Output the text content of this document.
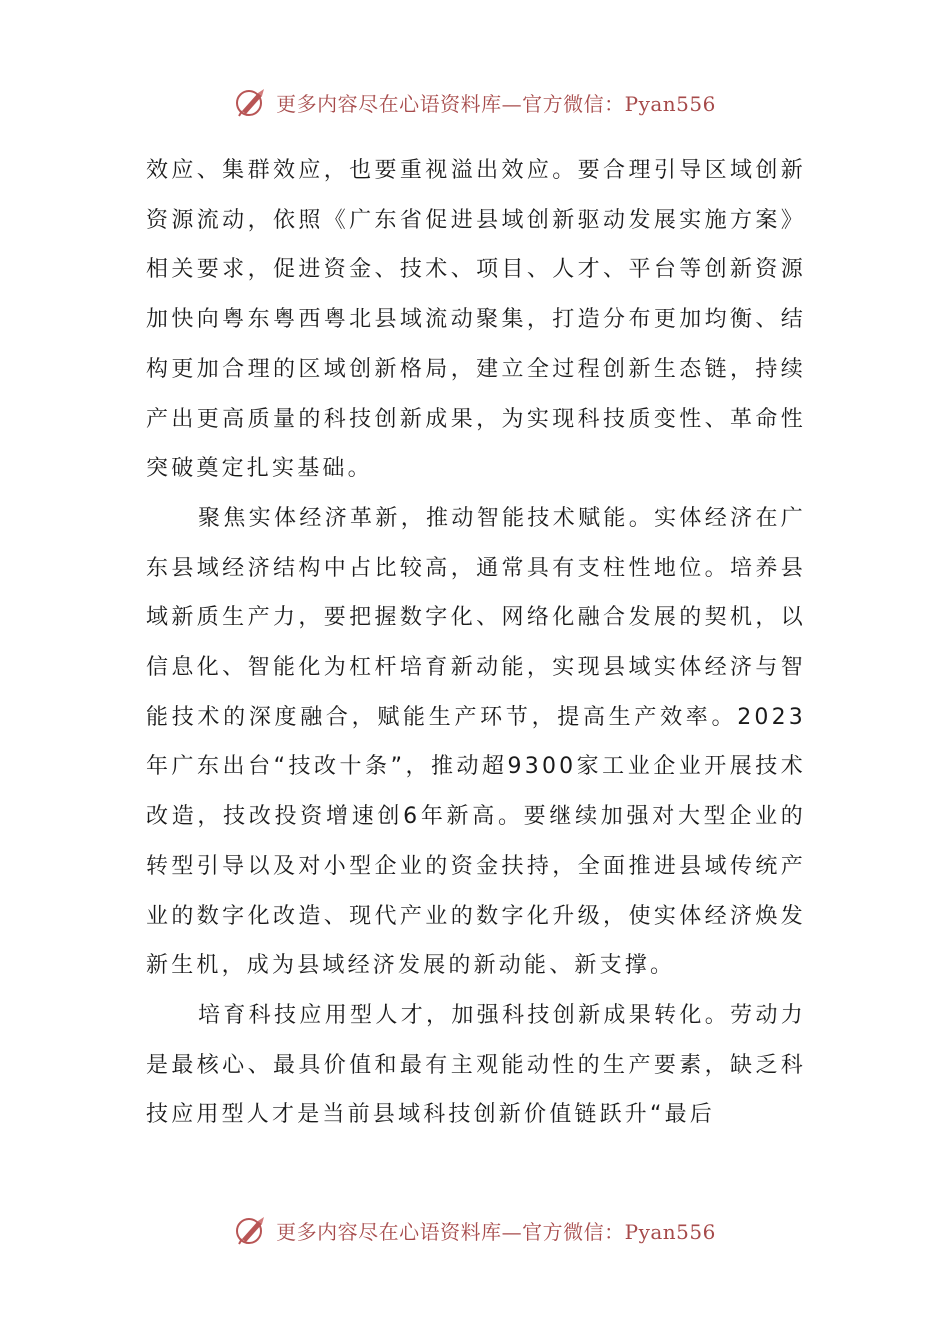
更多内容尽在心语资料库—官方微信：Pyan556

效应、集群效应，也要重视溢出效应。要合理引导区域创新资源流动，依照《广东省促进县域创新驱动发展实施方案》相关要求，促进资金、技术、项目、人才、平台等创新资源加快向粤东粤西粤北县域流动聚集，打造分布更加均衡、结构更加合理的区域创新格局，建立全过程创新生态链，持续产出更高质量的科技创新成果，为实现科技质变性、革命性突破奠定扎实基础。

聚焦实体经济革新，推动智能技术赋能。实体经济在广东县域经济结构中占比较高，通常具有支柱性地位。培养县域新质生产力，要把握数字化、网络化融合发展的契机，以信息化、智能化为杠杆培育新动能，实现县域实体经济与智能技术的深度融合，赋能生产环节，提高生产效率。2023年广东出台“技改十条”，推动超9300家工业企业开展技术改造，技改投资增速创6年新高。要继续加强对大型企业的转型引导以及对小型企业的资金扶持，全面推进县域传统产业的数字化改造、现代产业的数字化升级，使实体经济焕发新生机，成为县域经济发展的新动能、新支撑。

培育科技应用型人才，加强科技创新成果转化。劳动力是最核心、最具价值和最有主观能动性的生产要素，缺乏科技应用型人才是当前县域科技创新价值链跃升“最后

更多内容尽在心语资料库—官方微信：Pyan556
